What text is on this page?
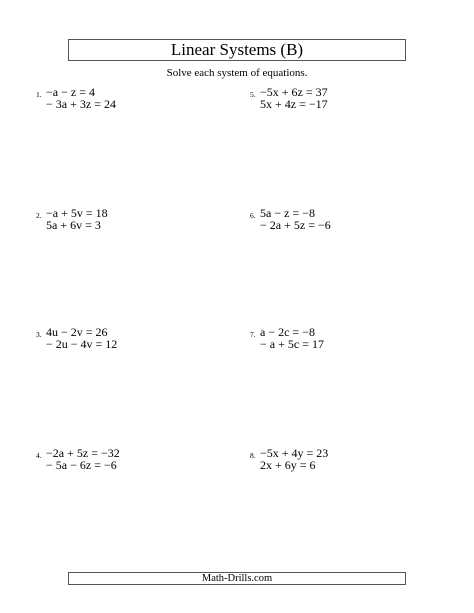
Linear Systems (B)
Solve each system of equations.
1. −a − z = 4
− 3a + 3z = 24
2. −a + 5v = 18
5a + 6v = 3
3. 4u − 2v = 26
− 2u − 4v = 12
4. −2a + 5z = −32
− 5a − 6z = −6
5. −5x + 6z = 37
5x + 4z = −17
6. 5a − z = −8
− 2a + 5z = −6
7. a − 2c = −8
− a + 5c = 17
8. −5x + 4y = 23
2x + 6y = 6
Math-Drills.com
